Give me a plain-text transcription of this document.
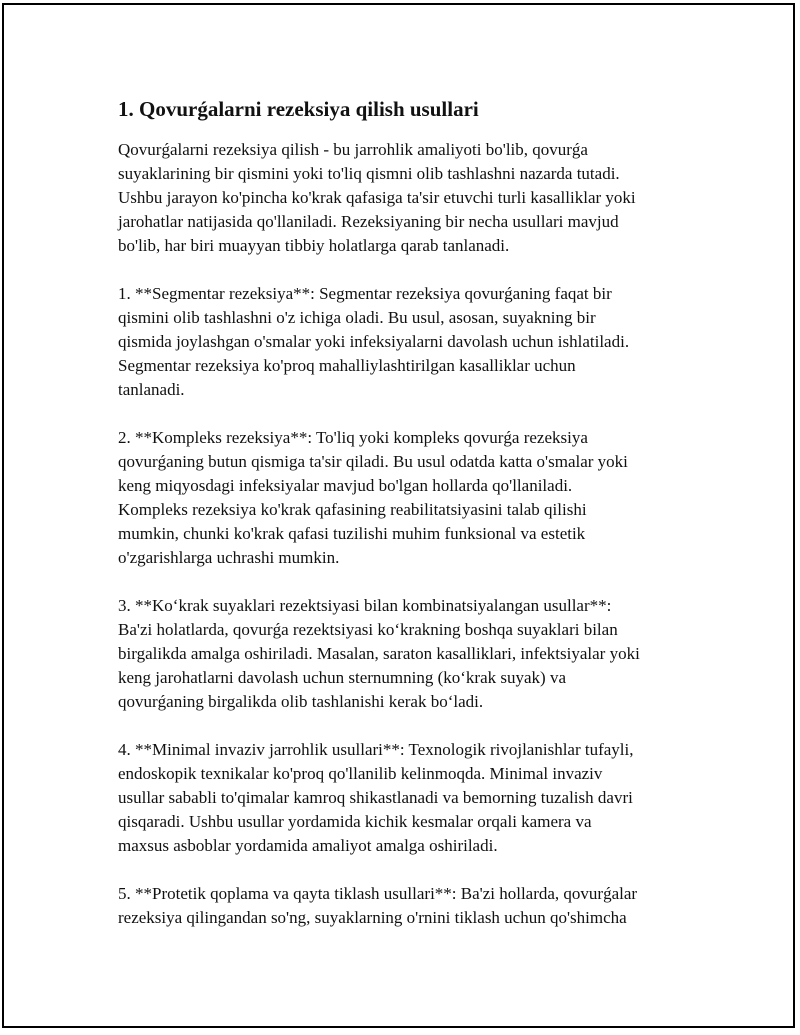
1. Qovurǵalarni rezeksiya qilish usullari

Qovurǵalarni rezeksiya qilish - bu jarrohlik amaliyoti bo'lib, qovurǵa
suyaklarining bir qismini yoki to'liq qismni olib tashlashni nazarda tutadi.
Ushbu jarayon ko'pincha ko'krak qafasiga ta'sir etuvchi turli kasalliklar yoki
jarohatlar natijasida qo'llaniladi. Rezeksiyaning bir necha usullari mavjud
bo'lib, har biri muayyan tibbiy holatlarga qarab tanlanadi.

1. **Segmentar rezeksiya**: Segmentar rezeksiya qovurǵaning faqat bir
qismini olib tashlashni o'z ichiga oladi. Bu usul, asosan, suyakning bir
qismida joylashgan o'smalar yoki infeksiyalarni davolash uchun ishlatiladi.
Segmentar rezeksiya ko'proq mahalliylashtirilgan kasalliklar uchun
tanlanadi.

2. **Kompleks rezeksiya**: To'liq yoki kompleks qovurǵa rezeksiya
qovurǵaning butun qismiga ta'sir qiladi. Bu usul odatda katta o'smalar yoki
keng miqyosdagi infeksiyalar mavjud bo'lgan hollarda qo'llaniladi.
Kompleks rezeksiya ko'krak qafasining reabilitatsiyasini talab qilishi
mumkin, chunki ko'krak qafasi tuzilishi muhim funksional va estetik
o'zgarishlarga uchrashi mumkin.

3. **Ko‘krak suyaklari rezektsiyasi bilan kombinatsiyalangan usullar**:
Ba'zi holatlarda, qovurǵa rezektsiyasi ko‘krakning boshqa suyaklari bilan
birgalikda amalga oshiriladi. Masalan, saraton kasalliklari, infektsiyalar yoki
keng jarohatlarni davolash uchun sternumning (ko‘krak suyak) va
qovurǵaning birgalikda olib tashlanishi kerak bo‘ladi.

4. **Minimal invaziv jarrohlik usullari**: Texnologik rivojlanishlar tufayli,
endoskopik texnikalar ko'proq qo'llanilib kelinmoqda. Minimal invaziv
usullar sababli to'qimalar kamroq shikastlanadi va bemorning tuzalish davri
qisqaradi. Ushbu usullar yordamida kichik kesmalar orqali kamera va
maxsus asboblar yordamida amaliyot amalga oshiriladi.

5. **Protetik qoplama va qayta tiklash usullari**: Ba'zi hollarda, qovurǵalar
rezeksiya qilingandan so'ng, suyaklarning o'rnini tiklash uchun qo'shimcha
